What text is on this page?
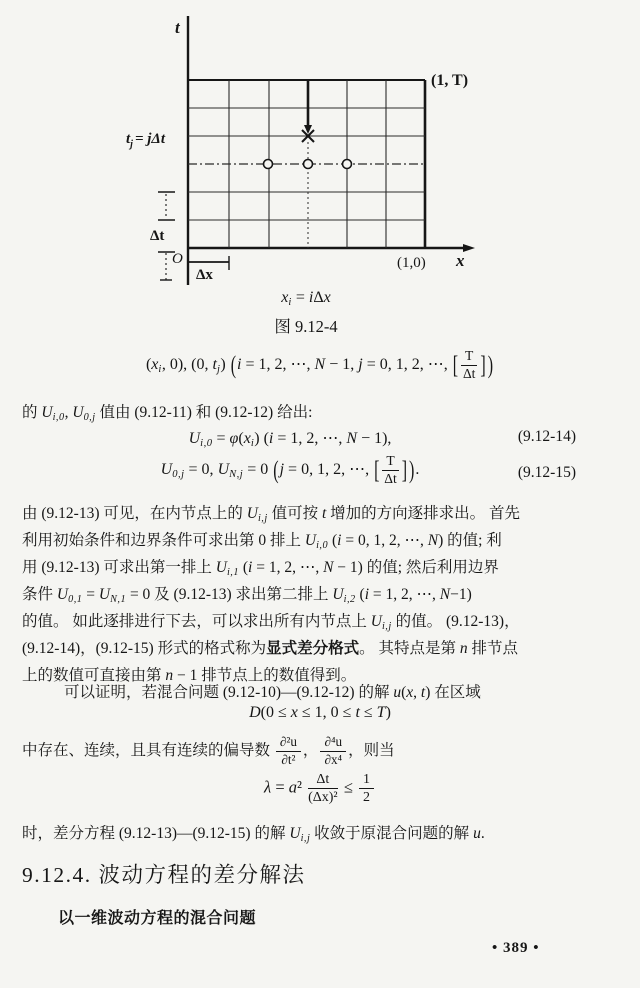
t
(1, T)
$t_j = j\Delta t$
Δt
O
Δx
(1,0) x
xi = iΔx
图 9.12-4
(xi, 0), (0, tj) (i = 1, 2, ⋯, N − 1, j = 0, 1, 2, ⋯, [ $\frac{T}{\Delta t}$ ] )
的 Ui,0, U0,j 值由 (9.12-11) 和 (9.12-12) 给出:
Ui,0 = φ(xi) (i = 1, 2, ⋯, N − 1),	(9.12-14)
U0,j = 0, UN,j = 0 (j = 0, 1, 2, ⋯, [ $\frac{T}{\Delta t}$ ] ).	(9.12-15)
由 (9.12-13) 可见，在内节点上的 Ui,j 值可按 t 增加的方向逐排求出。 首先
利用初始条件和边界条件可求出第 0 排上 Ui,0 (i = 0, 1, 2, ⋯, N) 的值; 利
用 (9.12-13) 可求出第一排上 Ui,1 (i = 1, 2, ⋯, N − 1) 的值; 然后利用边界
条件 U0,1 = UN,1 = 0 及 (9.12-13) 求出第二排上 Ui,2 (i = 1, 2, ⋯, N−1)
的值。 如此逐排进行下去，可以求出所有内节点上 Ui,j 的值。 (9.12-13)，
(9.12-14)，(9.12-15) 形式的格式称为显式差分格式。 其特点是第 n 排节点
上的数值可直接由第 n − 1 排节点上的数值得到。
可以证明，若混合问题 (9.12-10)—(9.12-12) 的解 u(x, t) 在区域
D(0 ≤ x ≤ 1, 0 ≤ t ≤ T)
中存在、连续，且具有连续的偏导数 $\frac{\text{∂²u}}{\text{∂t²}}$ ， $\frac{\text{∂⁴u}}{\text{∂x⁴}}$ ，则当
$\lambda = a^2 \frac{\Delta t}{\text{(Δx)²}} \le \frac{1}{2}$
时，差分方程 (9.12-13)—(9.12-15) 的解 Ui,j 收敛于原混合问题的解 u.
9.12.4. 波动方程的差分解法
以一维波动方程的混合问题
• 389 •
